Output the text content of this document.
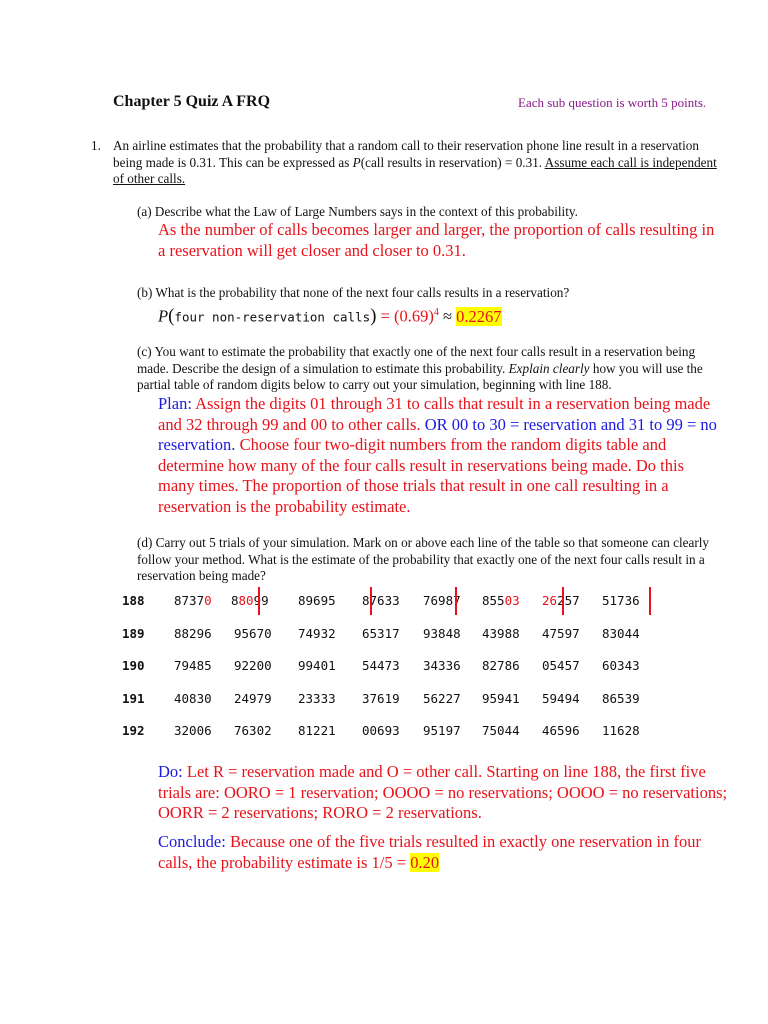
Chapter 5 Quiz A FRQ	Each sub question is worth 5 points.
1. An airline estimates that the probability that a random call to their reservation phone line result in a reservation being made is 0.31. This can be expressed as P(call results in reservation) = 0.31. Assume each call is independent of other calls.
(a) Describe what the Law of Large Numbers says in the context of this probability.
As the number of calls becomes larger and larger, the proportion of calls resulting in a reservation will get closer and closer to 0.31.
(b) What is the probability that none of the next four calls results in a reservation?
P(four non-reservation calls) = $(0.69)^4 \approx 0.2267$
(c) You want to estimate the probability that exactly one of the next four calls result in a reservation being made. Describe the design of a simulation to estimate this probability. Explain clearly how you will use the partial table of random digits below to carry out your simulation, beginning with line 188.
Plan: Assign the digits 01 through 31 to calls that result in a reservation being made and 32 through 99 and 00 to other calls. OR 00 to 30 = reservation and 31 to 99 = no reservation. Choose four two-digit numbers from the random digits table and determine how many of the four calls result in reservations being made. Do this many times. The proportion of those trials that result in one call resulting in a reservation is the probability estimate.
(d) Carry out 5 trials of your simulation. Mark on or above each line of the table so that someone can clearly follow your method. What is the estimate of the probability that exactly one of the next four calls result in a reservation being made?
188	87370 88099 89695 87633 76987 85503 26257 51736
189	88296 95670 74932 65317 93848 43988 47597 83044
190	79485 92200 99401 54473 34336 82786 05457 60343
191	40830 24979 23333 37619 56227 95941 59494 86539
192	32006 76302 81221 00693 95197 75044 46596 11628
Do: Let R = reservation made and O = other call. Starting on line 188, the first five trials are: OORO = 1 reservation; OOOO = no reservations; OOOO = no reservations; OORR = 2 reservations; RORO = 2 reservations.
Conclude: Because one of the five trials resulted in exactly one reservation in four calls, the probability estimate is 1/5 = 0.20
